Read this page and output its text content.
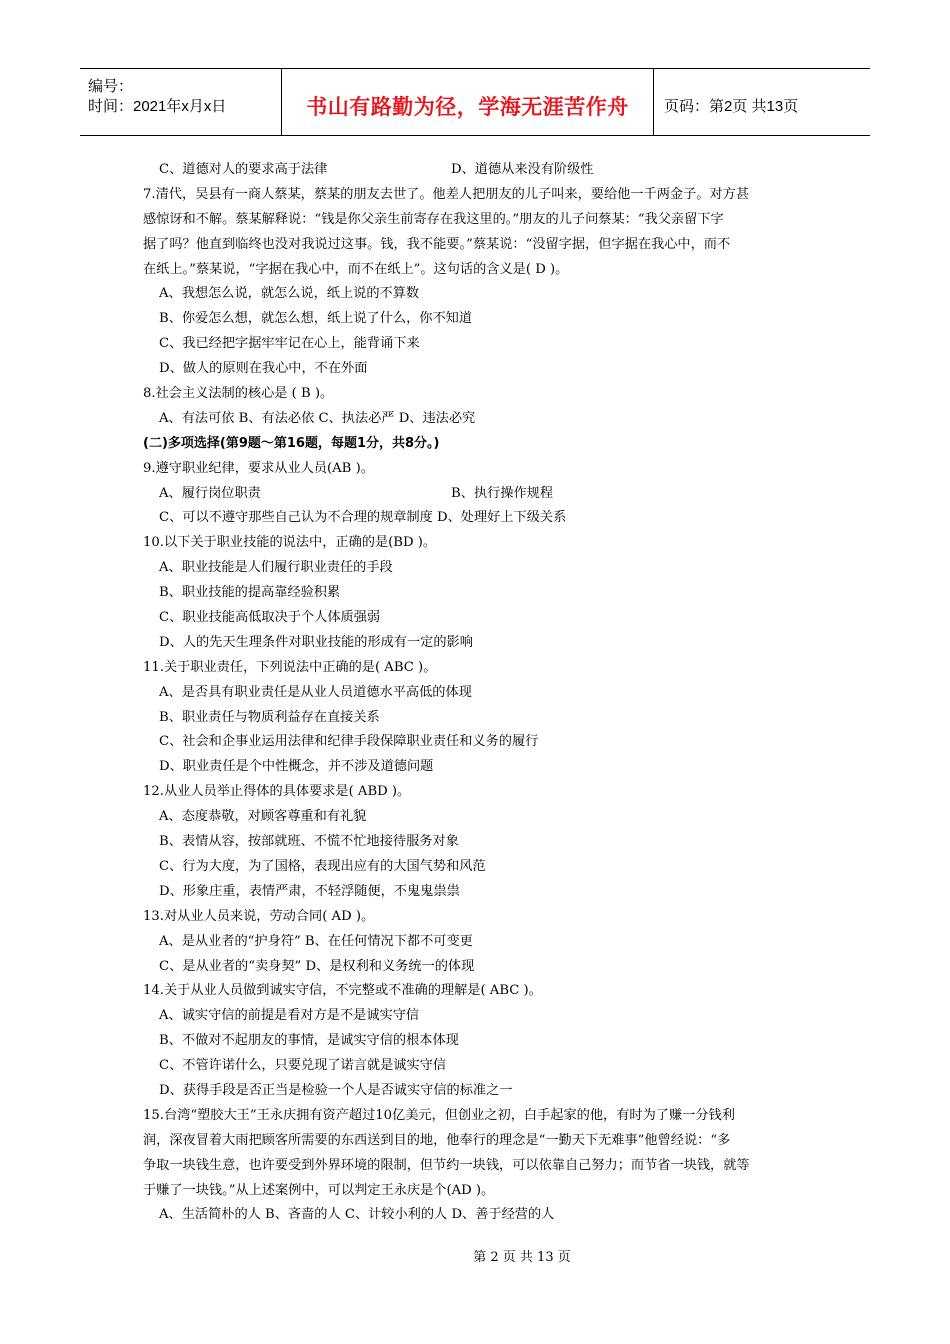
编号：
时间：2021年x月x日	书山有路勤为径，学海无涯苦作舟 页码：第2页 共13页
C、道德对人的要求高于法律	D、道德从来没有阶级性
7.清代，吴县有一商人蔡某，蔡某的朋友去世了。他差人把朋友的儿子叫来，要给他一千两金子。对方甚
感惊讶和不解。蔡某解释说：“钱是你父亲生前寄存在我这里的。”朋友的儿子问蔡某：“我父亲留下字
据了吗？他直到临终也没对我说过这事。钱，我不能要。”蔡某说：“没留字据，但字据在我心中，而不
在纸上。”蔡某说，“字据在我心中，而不在纸上”。这句话的含义是( D )。
A、我想怎么说，就怎么说，纸上说的不算数
B、你爱怎么想，就怎么想，纸上说了什么，你不知道
C、我已经把字据牢牢记在心上，能背诵下来
D、做人的原则在我心中，不在外面
8.社会主义法制的核心是 ( B )。
A、有法可依 B、有法必依 C、执法必严 D、违法必究
(二)多项选择(第9题～第16题，每题1分，共8分。)
9.遵守职业纪律，要求从业人员(AB )。
A、履行岗位职责	B、执行操作规程
C、可以不遵守那些自己认为不合理的规章制度 D、处理好上下级关系
10.以下关于职业技能的说法中，正确的是(BD )。
A、职业技能是人们履行职业责任的手段
B、职业技能的提高靠经验积累
C、职业技能高低取决于个人体质强弱
D、人的先天生理条件对职业技能的形成有一定的影响
11.关于职业责任，下列说法中正确的是( ABC )。
A、是否具有职业责任是从业人员道德水平高低的体现
B、职业责任与物质利益存在直接关系
C、社会和企事业运用法律和纪律手段保障职业责任和义务的履行
D、职业责任是个中性概念，并不涉及道德问题
12.从业人员举止得体的具体要求是( ABD )。
A、态度恭敬，对顾客尊重和有礼貌
B、表情从容，按部就班、不慌不忙地接待服务对象
C、行为大度，为了国格，表现出应有的大国气势和风范
D、形象庄重，表情严肃，不轻浮随便，不鬼鬼祟祟
13.对从业人员来说，劳动合同( AD )。
A、是从业者的“护身符” B、在任何情况下都不可变更
C、是从业者的“卖身契” D、是权利和义务统一的体现
14.关于从业人员做到诚实守信，不完整或不准确的理解是( ABC )。
A、诚实守信的前提是看对方是不是诚实守信
B、不做对不起朋友的事情，是诚实守信的根本体现
C、不管许诺什么，只要兑现了诺言就是诚实守信
D、获得手段是否正当是检验一个人是否诚实守信的标准之一
15.台湾“塑胶大王”王永庆拥有资产超过10亿美元，但创业之初，白手起家的他，有时为了赚一分钱利
润，深夜冒着大雨把顾客所需要的东西送到目的地，他奉行的理念是“一勤天下无难事”他曾经说：“多
争取一块钱生意，也许要受到外界环境的限制，但节约一块钱，可以依靠自己努力；而节省一块钱，就等
于赚了一块钱。”从上述案例中，可以判定王永庆是个(AD )。
A、生活简朴的人 B、吝啬的人 C、计较小利的人 D、善于经营的人
第 2 页 共 13 页
